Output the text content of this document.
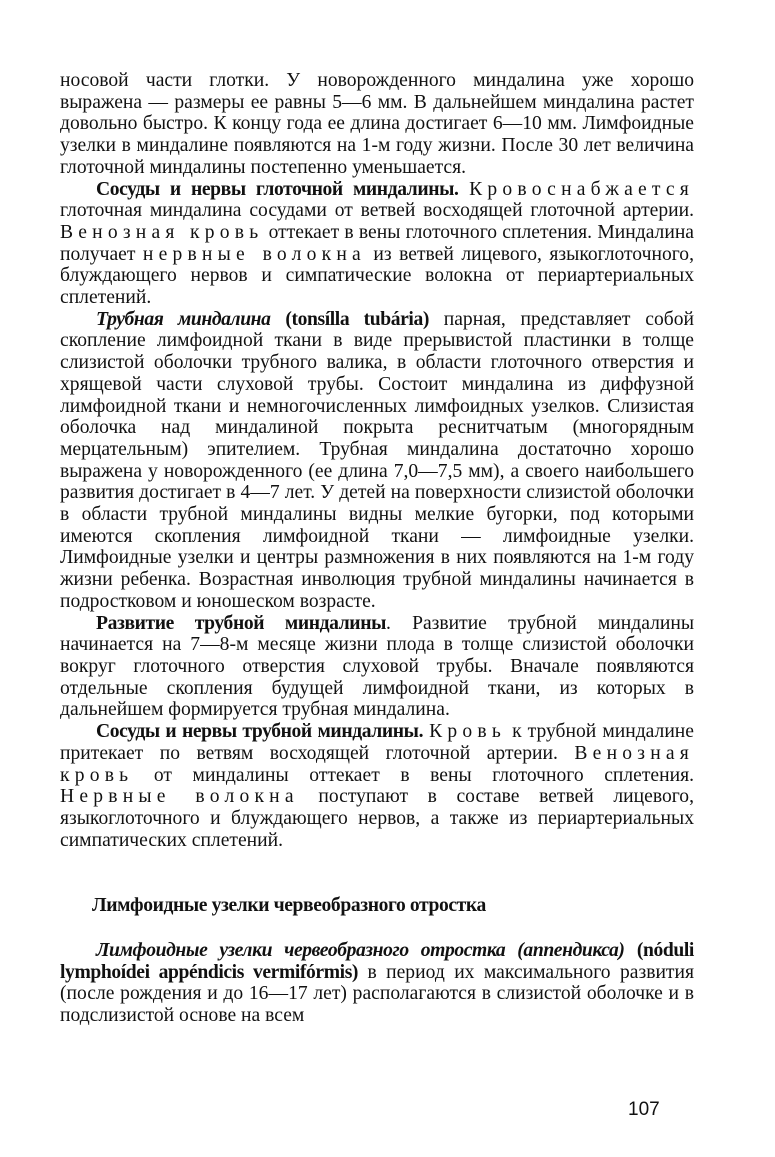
носовой части глотки. У новорожденного миндалина уже хорошо выражена — размеры ее равны 5—6 мм. В дальнейшем миндалина растет довольно быстро. К концу года ее длина достигает 6—10 мм. Лимфоидные узелки в миндалине появляются на 1-м году жизни. После 30 лет величина глоточной миндалины постепенно уменьшается.

Сосуды и нервы глоточной миндалины. Кровоснабжается глоточная миндалина сосудами от ветвей восходящей глоточной артерии. Венозная кровь оттекает в вены глоточного сплетения. Миндалина получает нервные волокна из ветвей лицевого, языкоглоточного, блуждающего нервов и симпатические волокна от периартериальных сплетений.

Трубная миндалина (tonsílla tubária) парная, представляет собой скопление лимфоидной ткани в виде прерывистой пластинки в толще слизистой оболочки трубного валика, в области глоточного отверстия и хрящевой части слуховой трубы. Состоит миндалина из диффузной лимфоидной ткани и немногочисленных лимфоидных узелков. Слизистая оболочка над миндалиной покрыта реснитчатым (многорядным мерцательным) эпителием. Трубная миндалина достаточно хорошо выражена у новорожденного (ее длина 7,0—7,5 мм), а своего наибольшего развития достигает в 4—7 лет. У детей на поверхности слизистой оболочки в области трубной миндалины видны мелкие бугорки, под которыми имеются скопления лимфоидной ткани — лимфоидные узелки. Лимфоидные узелки и центры размножения в них появляются на 1-м году жизни ребенка. Возрастная инволюция трубной миндалины начинается в подростковом и юношеском возрасте.

Развитие трубной миндалины. Развитие трубной миндалины начинается на 7—8-м месяце жизни плода в толще слизистой оболочки вокруг глоточного отверстия слуховой трубы. Вначале появляются отдельные скопления будущей лимфоидной ткани, из которых в дальнейшем формируется трубная миндалина.

Сосуды и нервы трубной миндалины. Кровь к трубной миндалине притекает по ветвям восходящей глоточной артерии. Венозная кровь от миндалины оттекает в вены глоточного сплетения. Нервные волокна поступают в составе ветвей лицевого, языкоглоточного и блуждающего нервов, а также из периартериальных симпатических сплетений.

Лимфоидные узелки червеобразного отростка

Лимфоидные узелки червеобразного отростка (аппендикса) (nóduli lymphoídei appéndicis vermifórmis) в период их максимального развития (после рождения и до 16—17 лет) располагаются в слизистой оболочке и в подслизистой основе на всем

107
